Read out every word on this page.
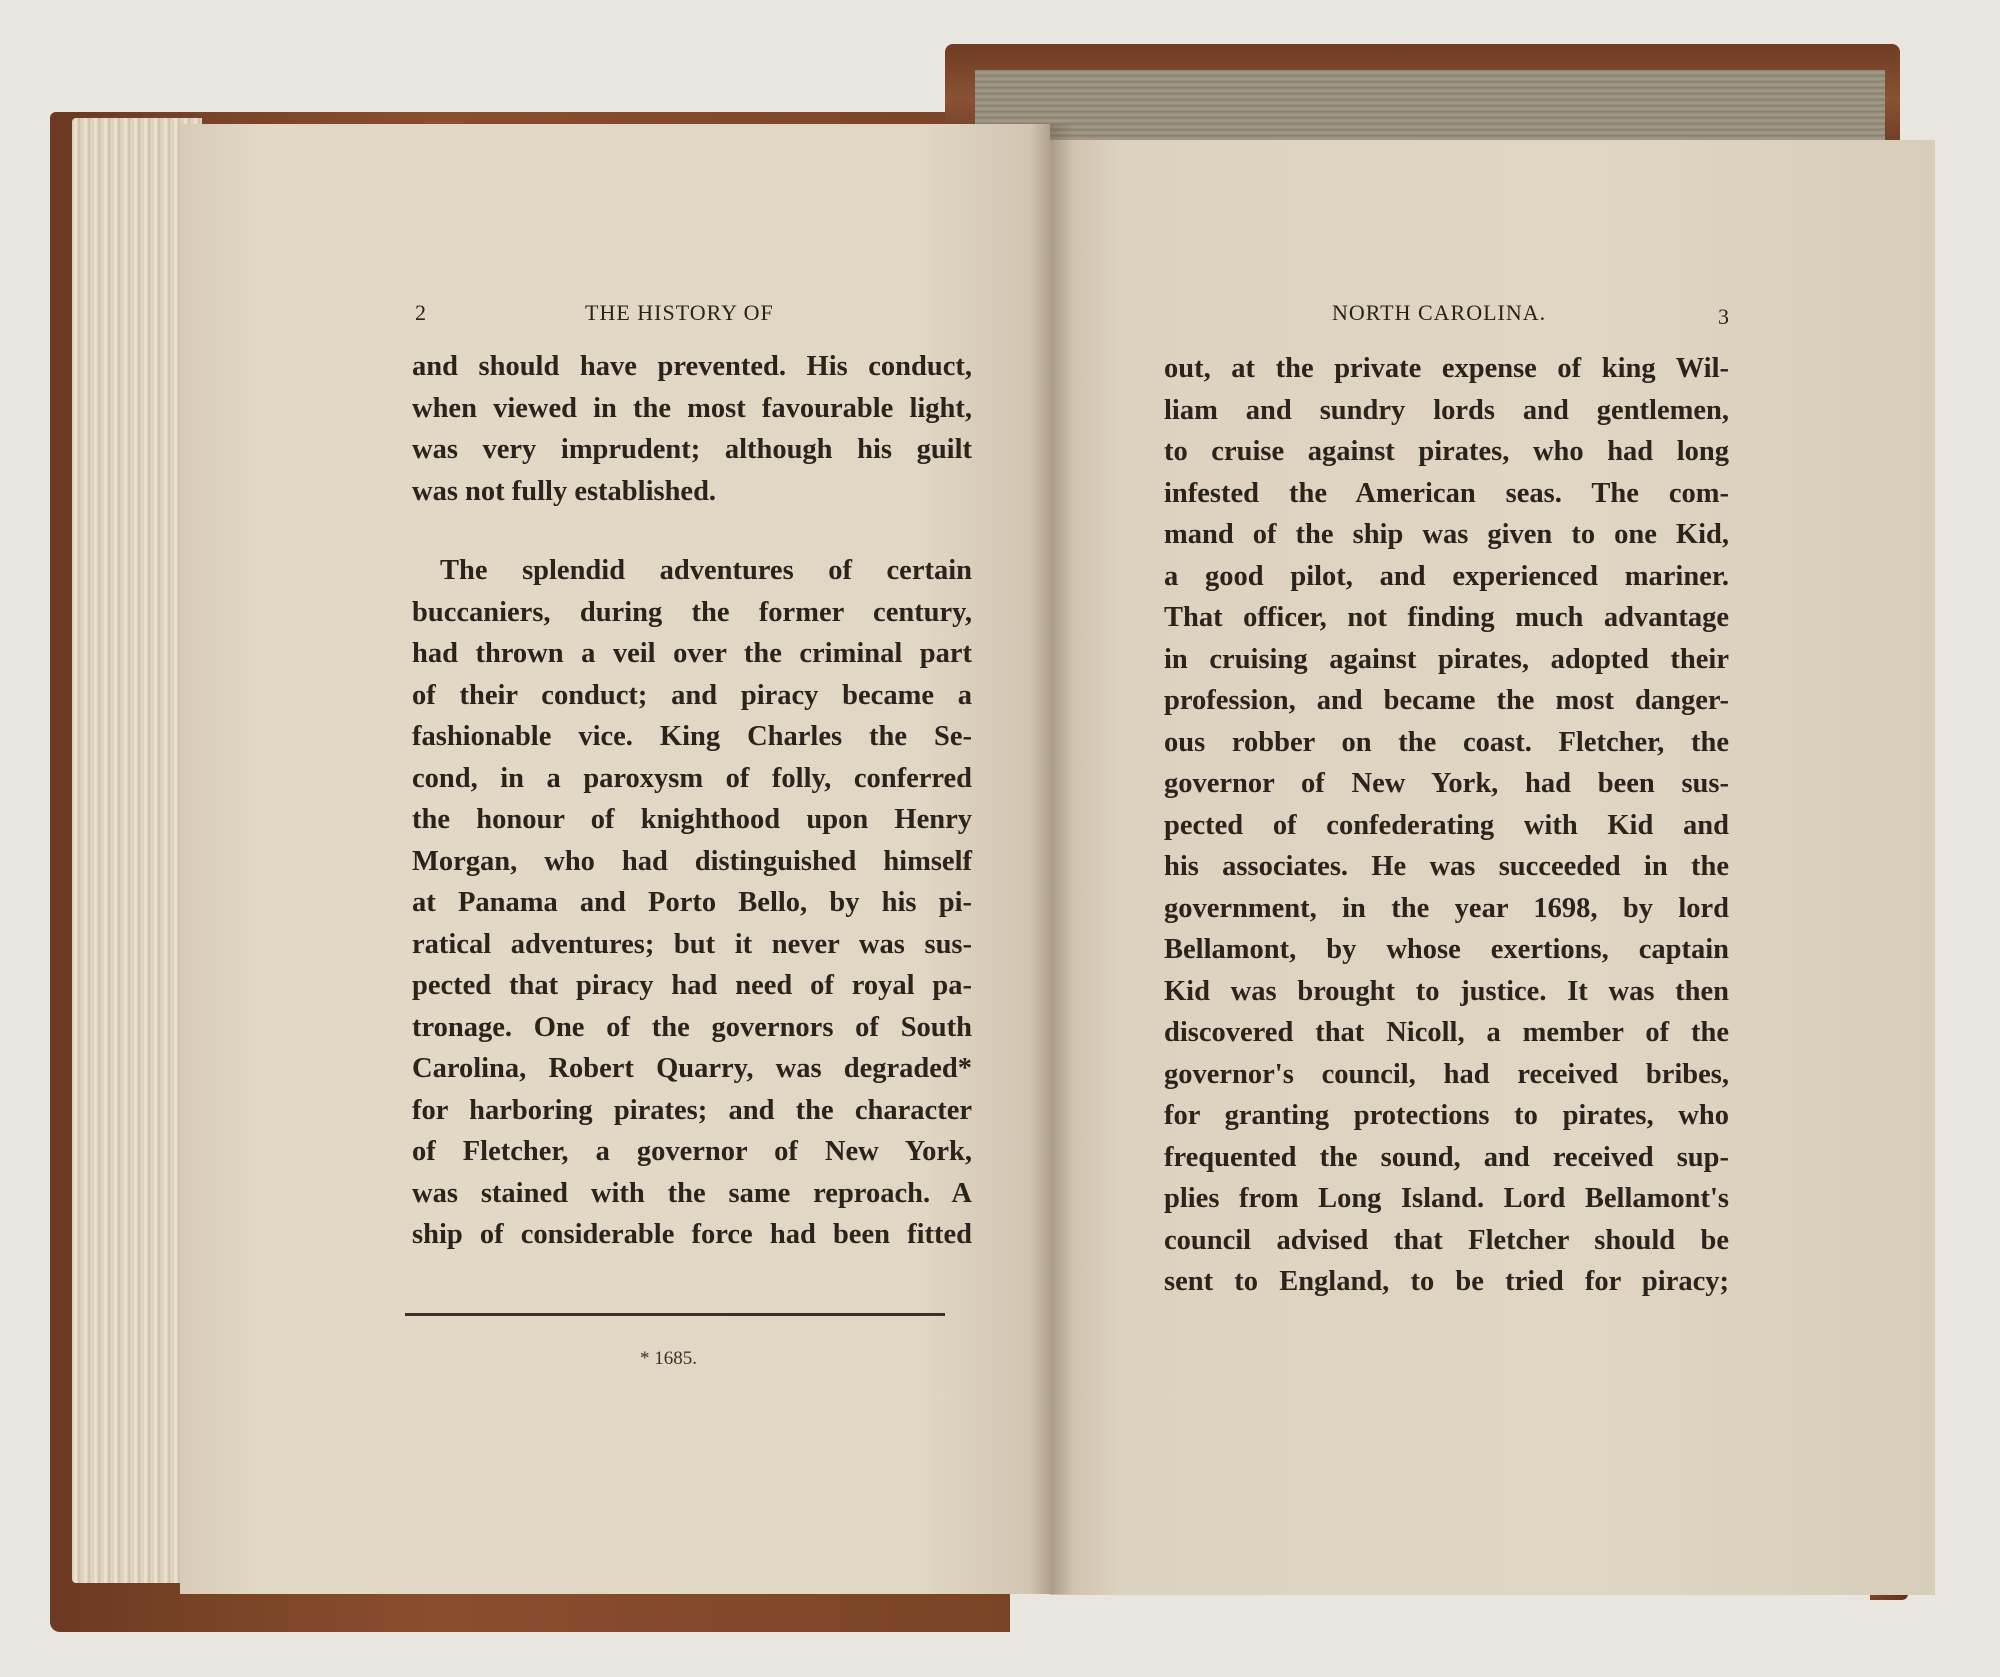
2	THE HISTORY OF
and should have prevented. His conduct,
when viewed in the most favourable light,
was very imprudent; although his guilt
was not fully established.
The splendid adventures of certain
buccaniers, during the former century,
had thrown a veil over the criminal part
of their conduct; and piracy became a
fashionable vice. King Charles the Se-
cond, in a paroxysm of folly, conferred
the honour of knighthood upon Henry
Morgan, who had distinguished himself
at Panama and Porto Bello, by his pi-
ratical adventures; but it never was sus-
pected that piracy had need of royal pa-
tronage. One of the governors of South
Carolina, Robert Quarry, was degraded*
for harboring pirates; and the character
of Fletcher, a governor of New York,
was stained with the same reproach. A
ship of considerable force had been fitted
* 1685.
NORTH CAROLINA.	3
out, at the private expense of king Wil-
liam and sundry lords and gentlemen,
to cruise against pirates, who had long
infested the American seas. The com-
mand of the ship was given to one Kid,
a good pilot, and experienced mariner.
That officer, not finding much advantage
in cruising against pirates, adopted their
profession, and became the most danger-
ous robber on the coast. Fletcher, the
governor of New York, had been sus-
pected of confederating with Kid and
his associates. He was succeeded in the
government, in the year 1698, by lord
Bellamont, by whose exertions, captain
Kid was brought to justice. It was then
discovered that Nicoll, a member of the
governor's council, had received bribes,
for granting protections to pirates, who
frequented the sound, and received sup-
plies from Long Island. Lord Bellamont's
council advised that Fletcher should be
sent to England, to be tried for piracy;
